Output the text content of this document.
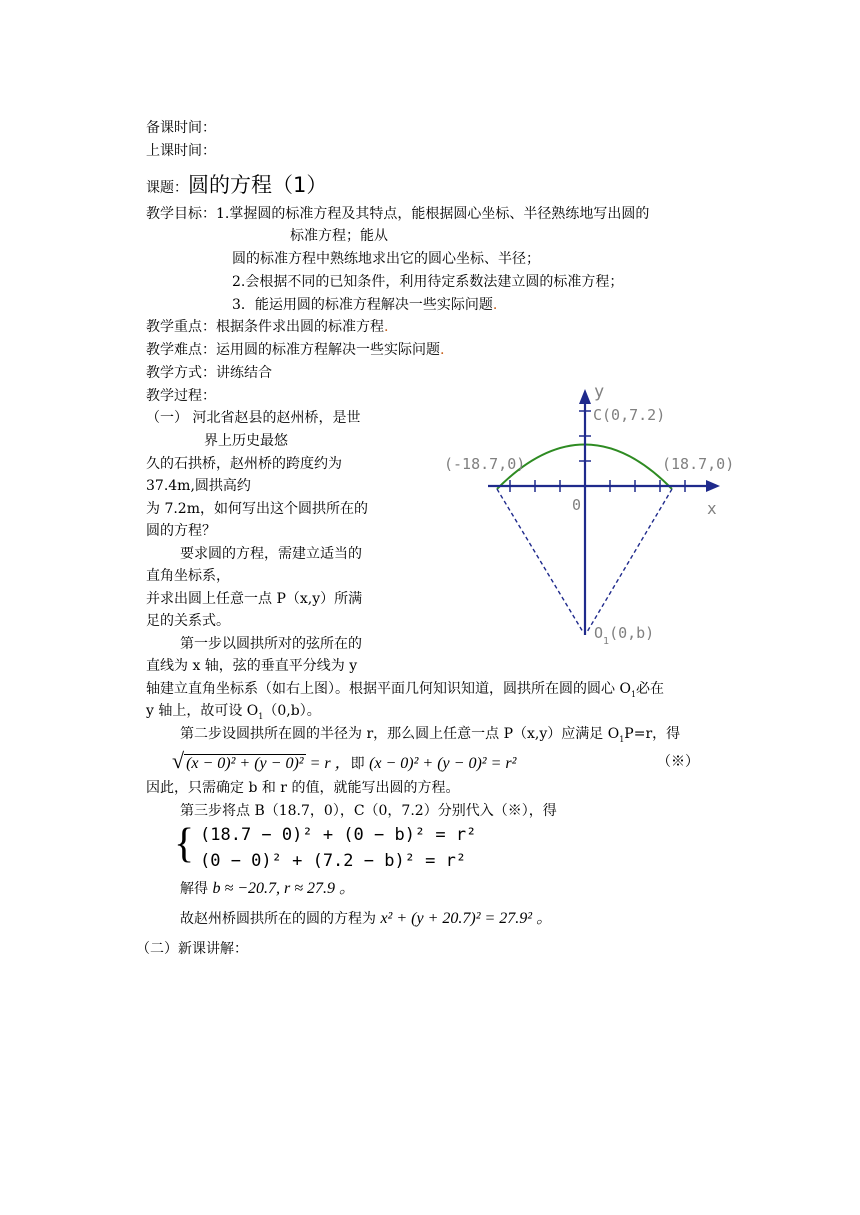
备课时间：
上课时间：
课题：圆的方程（1）
教学目标：1.掌握圆的标准方程及其特点，能根据圆心坐标、半径熟练地写出圆的
标准方程；能从
圆的标准方程中熟练地求出它的圆心坐标、半径；
2.会根据不同的已知条件，利用待定系数法建立圆的标准方程；
3．能运用圆的标准方程解决一些实际问题.
教学重点：根据条件求出圆的标准方程.
教学难点：运用圆的标准方程解决一些实际问题.
教学方式：讲练结合
教学过程：
（一） 河北省赵县的赵州桥，是世
界上历史最悠
久的石拱桥，赵州桥的跨度约为
37.4m,圆拱高约
为 7.2m，如何写出这个圆拱所在的
圆的方程？
要求圆的方程，需建立适当的
直角坐标系，
并求出圆上任意一点 P（x,y）所满
足的关系式。
第一步以圆拱所对的弦所在的
直线为 x 轴，弦的垂直平分线为 y
轴建立直角坐标系（如右上图）。根据平面几何知识知道，圆拱所在圆的圆心 $O_1$必在
y 轴上，故可设 $O_1(0,b)$。
第二步设圆拱所在圆的半径为 r，那么圆上任意一点 P（x,y）应满足 $O_1P=r$，得
√ (x − 0)² + (y − 0)² = r ，即 (x − 0)² + (y − 0)² = r²	（※）
因此，只需确定 b 和 r 的值，就能写出圆的方程。
第三步将点 B（18.7，0），C（0，7.2）分别代入（※），得
{ (18.7 − 0)² + (0 − b)² = r²
(0 − 0)² + (7.2 − b)² = r²
解得 b ≈ −20.7, r ≈ 27.9 。
故赵州桥圆拱所在的圆的方程为 x² + (y + 20.7)² = 27.9² 。
（二）新课讲解：
y
x
0
C(0,7.2)
(-18.7,0)	(18.7,0)
$O_1(0,b)$
